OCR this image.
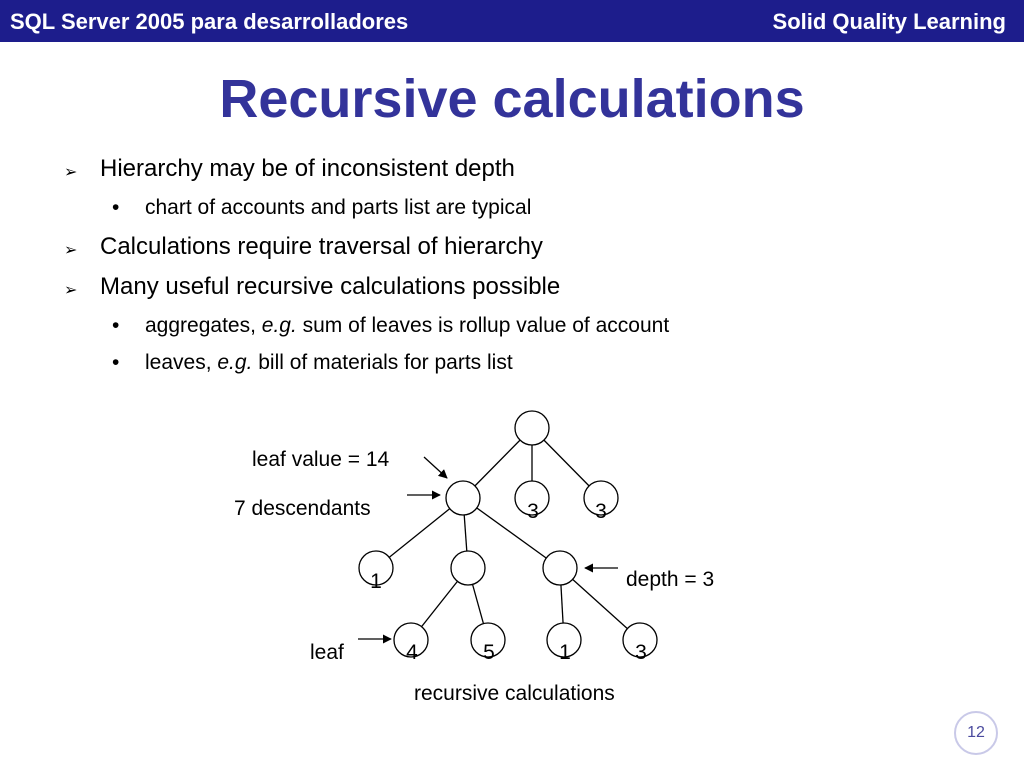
SQL Server 2005 para desarrolladores	Solid Quality Learning
Recursive calculations
➢ Hierarchy may be of inconsistent depth
• chart of accounts and parts list are typical
➢ Calculations require traversal of hierarchy
➢ Many useful recursive calculations possible
• aggregates, e.g. sum of leaves is rollup value of account
• leaves, e.g. bill of materials for parts list
3	3
1
4	5	1	3
leaf value = 14
7 descendants
depth = 3
leaf
recursive calculations
12
